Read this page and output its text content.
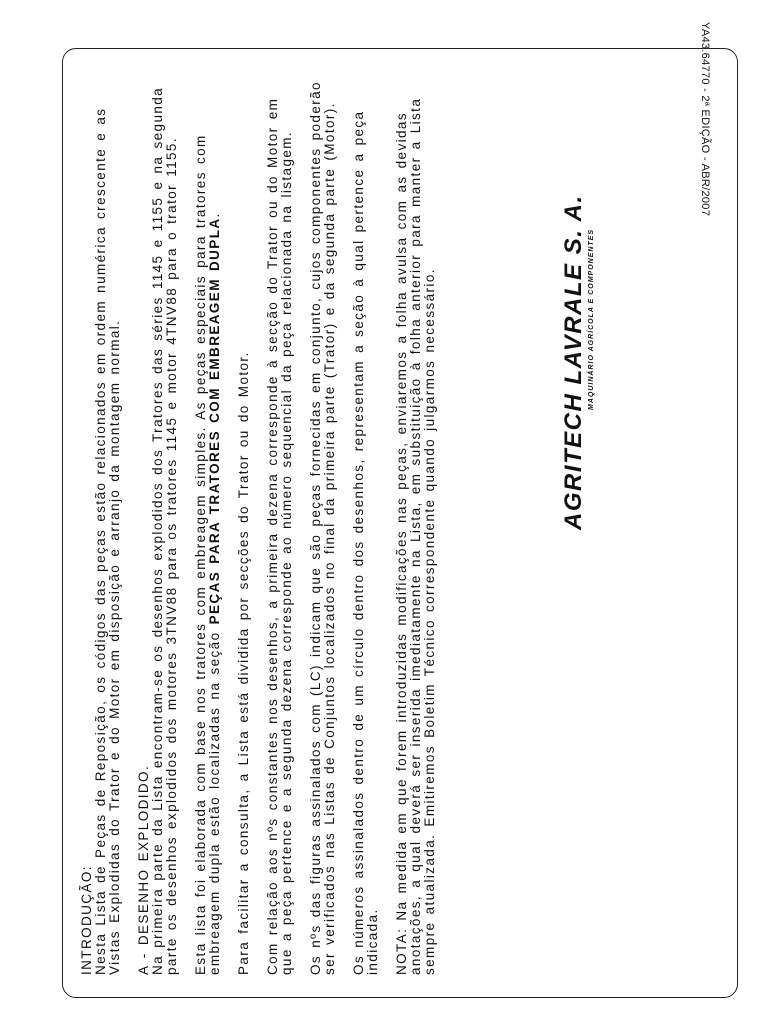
YA43.64770 - 2ª EDIÇÃO - ABR/2007

INTRODUÇÃO: Nesta Lista de Peças de Reposição, os códigos das peças estão relacionados em ordem numérica crescente e as Vistas Explodidas do Trator e do Motor em disposição e arranjo da montagem normal. A - DESENHO EXPLODIDO. Na primeira parte da Lista encontram-se os desenhos explodidos dos Tratores das séries 1145 e 1155 e na segunda parte os desenhos explodidos dos motores 3TNV88 para os tratores 1145 e motor 4TNV88 para o trator 1155. Esta lista foi elaborada com base nos tratores com embreagem simples. As peças especiais para tratores com embreagem dupla estão localizadas na seção PEÇAS PARA TRATORES COM EMBREAGEM DUPLA.

Para facilitar a consulta, a Lista está dividida por secções do Trator ou do Motor. Com relação aos nºs constantes nos desenhos, a primeira dezena corresponde à secção do Trator ou do Motor em que a peça pertence e a segunda dezena corresponde ao número sequencial da peça relacionada na listagem. Os nºs das figuras assinalados com (LC) indicam que são peças fornecidas em conjunto, cujos componentes poderão ser verificados nas Listas de Conjuntos localizados no final da primeira parte (Trator) e da segunda parte (Motor). Os números assinalados dentro de um círculo dentro dos desenhos, representam a seção à qual pertence a peça indicada. NOTA: Na medida em que forem introduzidas modificações nas peças, enviaremos a folha avulsa com as devidas anotações, a qual deverá ser inserida imediatamente na Lista, em substituição à folha anterior para manter a Lista sempre atualizada. Emitiremos Boletim Técnico correspondente quando julgarmos necessário.	AGRITECH LAVRALE S. A. MAQUINÁRIO AGRÍCOLA E COMPONENTES
